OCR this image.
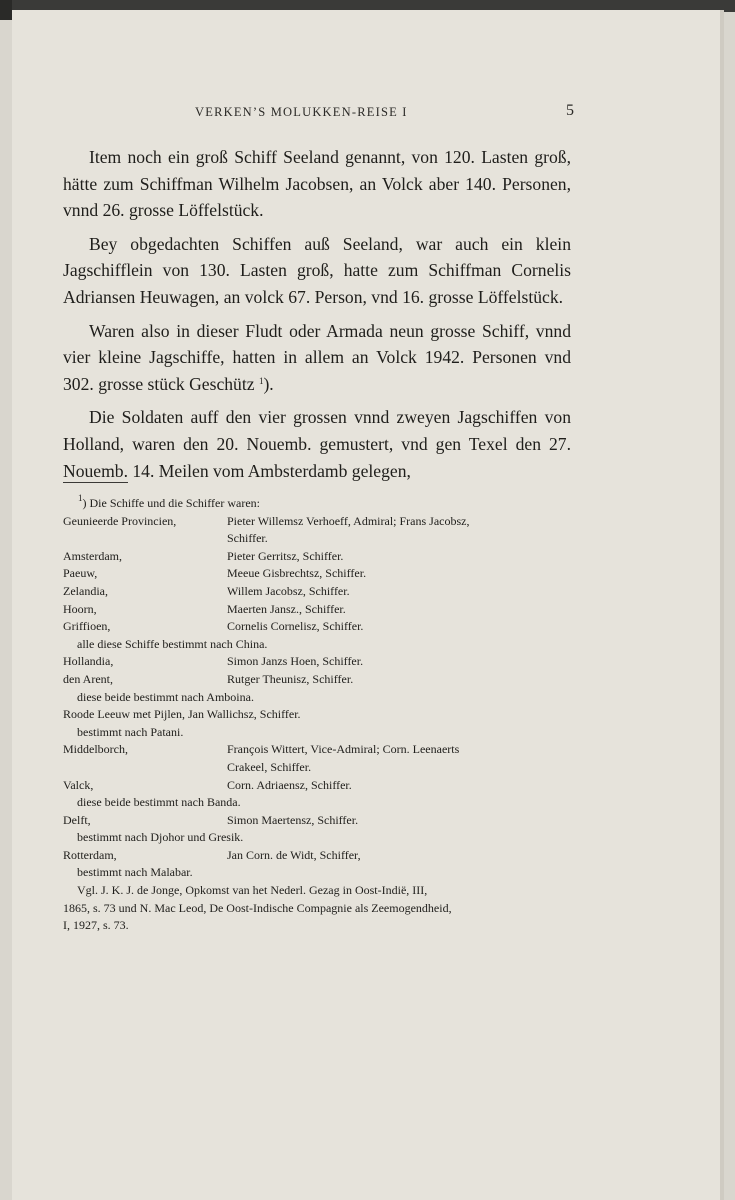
VERKEN’S MOLUKKEN-REISE I	5

Item noch ein groß Schiff Seeland genannt, von 120. Lasten groß, hätte zum Schiffman Wilhelm Jacobsen, an Volck aber 140. Personen, vnnd 26. grosse Löffelstück.

Bey obgedachten Schiffen auß Seeland, war auch ein klein Jagschifflein von 130. Lasten groß, hatte zum Schiffman Cornelis Adriansen Heuwagen, an volck 67. Person, vnd 16. grosse Löffelstück.

Waren also in dieser Fludt oder Armada neun grosse Schiff, vnnd vier kleine Jagschiffe, hatten in allem an Volck 1942. Personen vnd 302. grosse stück Geschütz $^1$).

Die Soldaten auff den vier grossen vnnd zweyen Jagschiffen von Holland, waren den 20. Nouemb. gemustert, vnd gen Texel den 27. Nouemb. 14. Meilen vom Ambsterdamb gelegen,

$^1$) Die Schiffe und die Schiffer waren:
Geunieerde Provincien,	Pieter Willemsz Verhoeff, Admiral; Frans Jacobsz,
Schiffer.
Amsterdam,	Pieter Gerritsz, Schiffer.
Paeuw,	Meeue Gisbrechtsz, Schiffer.
Zelandia,	Willem Jacobsz, Schiffer.
Hoorn,	Maerten Jansz., Schiffer.
Griffioen,	Cornelis Cornelisz, Schiffer.
alle diese Schiffe bestimmt nach China.
Hollandia,	Simon Janzs Hoen, Schiffer.
den Arent,	Rutger Theunisz, Schiffer.
diese beide bestimmt nach Amboina.
Roode Leeuw met Pijlen, Jan Wallichsz, Schiffer.
bestimmt nach Patani.
Middelborch,	François Wittert, Vice-Admiral; Corn. Leenaerts
Crakeel, Schiffer.
Valck,	Corn. Adriaensz, Schiffer.
diese beide bestimmt nach Banda.
Delft,	Simon Maertensz, Schiffer.
bestimmt nach Djohor und Gresik.
Rotterdam,	Jan Corn. de Widt, Schiffer,
bestimmt nach Malabar.

Vgl. J. K. J. de Jonge, Opkomst van het Nederl. Gezag in Oost-Indië, III,

1865, s. 73 und N. Mac Leod, De Oost-Indische Compagnie als Zeemogendheid,

I, 1927, s. 73.
